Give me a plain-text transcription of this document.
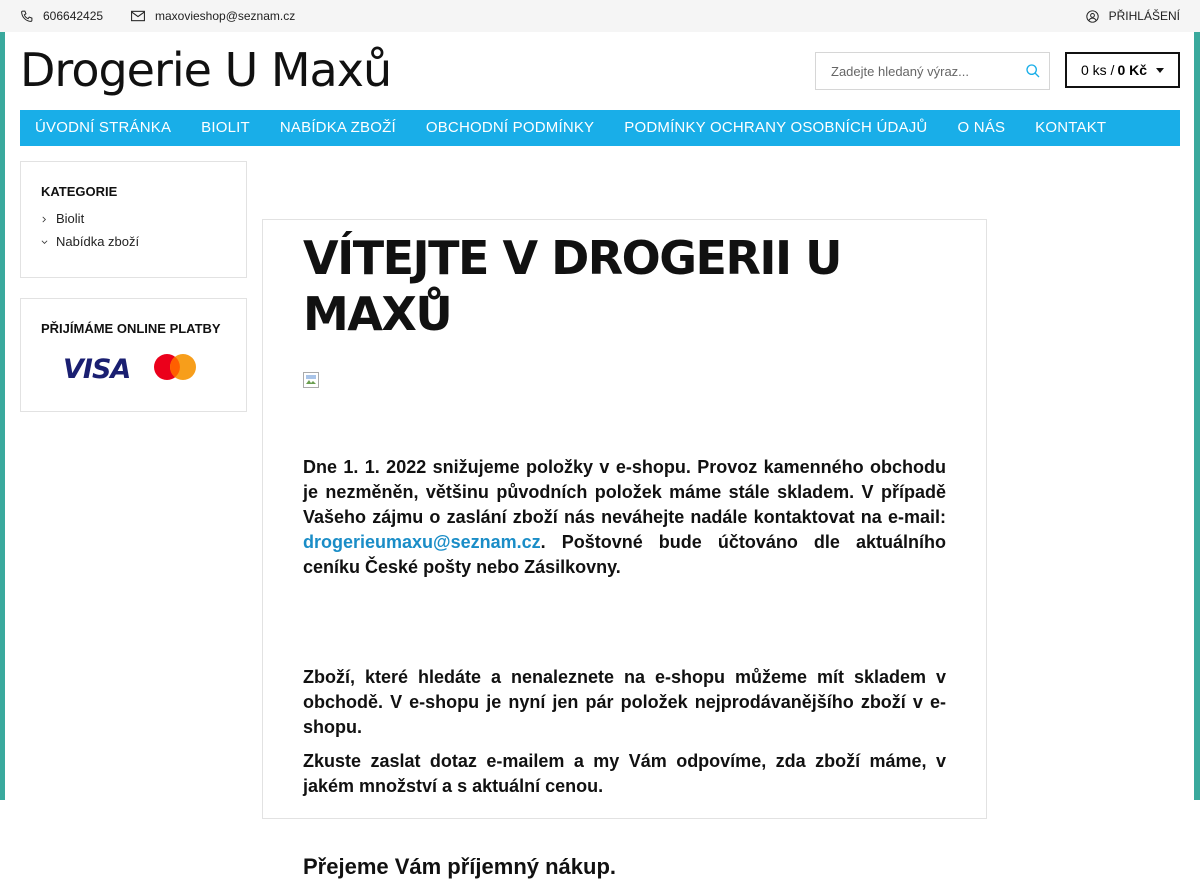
606642425	maxovieshop@seznam.cz	PŘIHLÁŠENÍ
Drogerie U Maxů
Zadejte hledaný výraz...	0 ks / 0 Kč
ÚVODNÍ STRÁNKA	BIOLIT	NABÍDKA ZBOŽÍ	OBCHODNÍ PODMÍNKY	PODMÍNKY OCHRANY OSOBNÍCH ÚDAJŮ	O NÁS	KONTAKT
KATEGORIE
Biolit
Nabídka zboží
PŘIJÍMÁME ONLINE PLATBY
VISA
VÍTEJTE V DROGERII U MAXŮ

Dne 1. 1. 2022 snižujeme položky v e-shopu. Provoz kamenného obchodu je nezměněn, většinu původních položek máme stále skladem. V případě Vašeho zájmu o zaslání zboží nás neváhejte nadále kontaktovat na e-mail: drogerieumaxu@seznam.cz. Poštovné bude účtováno dle aktuálního ceníku České pošty nebo Zásilkovny.

Zboží, které hledáte a nenaleznete na e-shopu můžeme mít skladem v obchodě. V e-shopu je nyní jen pár položek nejprodávanějšího zboží v e-shopu.

Zkuste zaslat dotaz e-mailem a my Vám odpovíme, zda zboží máme, v jakém množství a s aktuální cenou.

Přejeme Vám příjemný nákup.
